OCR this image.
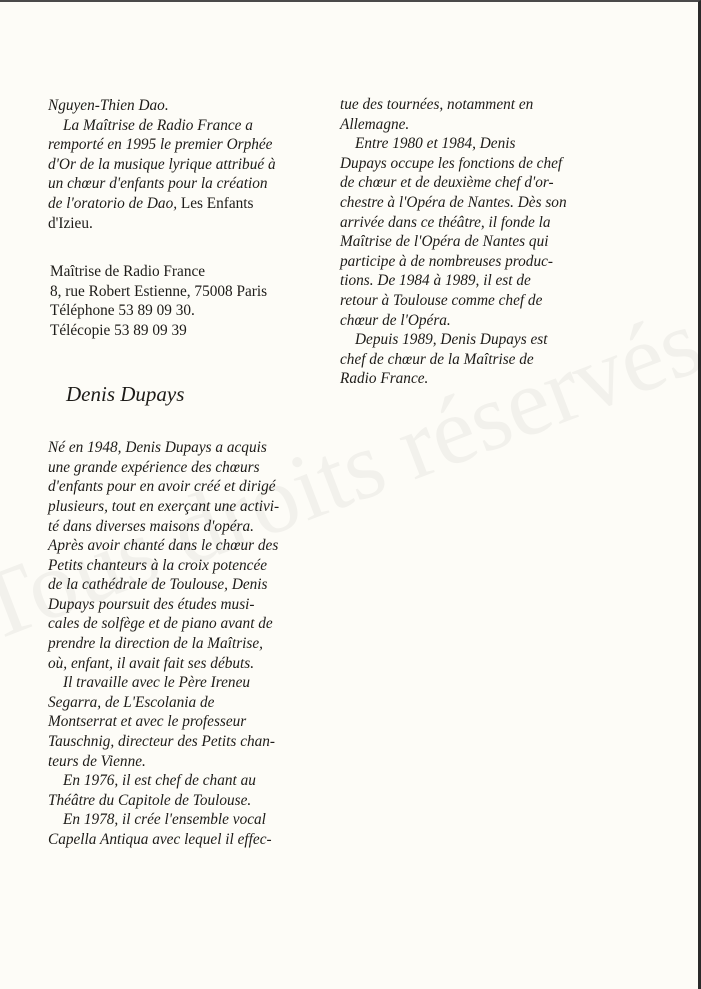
Nguyen-Thien Dao.
La Maîtrise de Radio France a
remporté en 1995 le premier Orphée
d'Or de la musique lyrique attribué à
un chœur d'enfants pour la création
de l'oratorio de Dao, Les Enfants
d'Izieu.
Maîtrise de Radio France
8, rue Robert Estienne, 75008 Paris
Téléphone 53 89 09 30.
Télécopie 53 89 09 39
Denis Dupays
Né en 1948, Denis Dupays a acquis
une grande expérience des chœurs
d'enfants pour en avoir créé et dirigé
plusieurs, tout en exerçant une activi-
té dans diverses maisons d'opéra.
Après avoir chanté dans le chœur des
Petits chanteurs à la croix potencée
de la cathédrale de Toulouse, Denis
Dupays poursuit des études musi-
cales de solfège et de piano avant de
prendre la direction de la Maîtrise,
où, enfant, il avait fait ses débuts.
Il travaille avec le Père Ireneu
Segarra, de L'Escolania de
Montserrat et avec le professeur
Tauschnig, directeur des Petits chan-
teurs de Vienne.
En 1976, il est chef de chant au
Théâtre du Capitole de Toulouse.
En 1978, il crée l'ensemble vocal
Capella Antiqua avec lequel il effec-
tue des tournées, notamment en
Allemagne.
Entre 1980 et 1984, Denis
Dupays occupe les fonctions de chef
de chœur et de deuxième chef d'or-
chestre à l'Opéra de Nantes. Dès son
arrivée dans ce théâtre, il fonde la
Maîtrise de l'Opéra de Nantes qui
participe à de nombreuses produc-
tions. De 1984 à 1989, il est de
retour à Toulouse comme chef de
chœur de l'Opéra.
Depuis 1989, Denis Dupays est
chef de chœur de la Maîtrise de
Radio France.
